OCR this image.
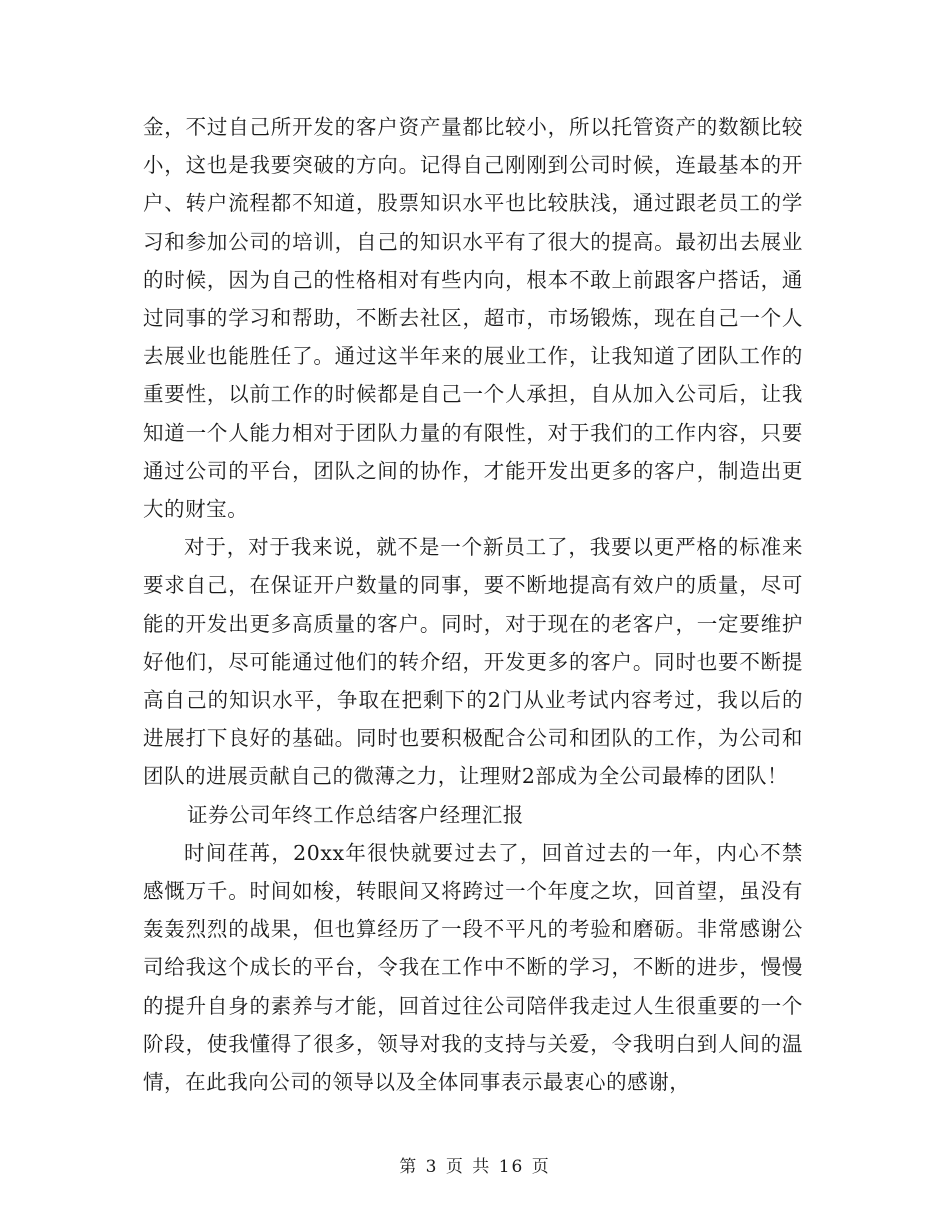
金，不过自己所开发的客户资产量都比较小，所以托管资产的数额比较小，这也是我要突破的方向。记得自己刚刚到公司时候，连最基本的开户、转户流程都不知道，股票知识水平也比较肤浅，通过跟老员工的学习和参加公司的培训，自己的知识水平有了很大的提高。最初出去展业的时候，因为自己的性格相对有些内向，根本不敢上前跟客户搭话，通过同事的学习和帮助，不断去社区，超市，市场锻炼，现在自己一个人去展业也能胜任了。通过这半年来的展业工作，让我知道了团队工作的重要性，以前工作的时候都是自己一个人承担，自从加入公司后，让我知道一个人能力相对于团队力量的有限性，对于我们的工作内容，只要通过公司的平台，团队之间的协作，才能开发出更多的客户，制造出更大的财宝。

对于，对于我来说，就不是一个新员工了，我要以更严格的标准来要求自己，在保证开户数量的同事，要不断地提高有效户的质量，尽可能的开发出更多高质量的客户。同时，对于现在的老客户，一定要维护好他们，尽可能通过他们的转介绍，开发更多的客户。同时也要不断提高自己的知识水平，争取在把剩下的2门从业考试内容考过，我以后的进展打下良好的基础。同时也要积极配合公司和团队的工作，为公司和团队的进展贡献自己的微薄之力，让理财2部成为全公司最棒的团队！

证券公司年终工作总结客户经理汇报

时间荏苒，20xx年很快就要过去了，回首过去的一年，内心不禁感慨万千。时间如梭，转眼间又将跨过一个年度之坎，回首望，虽没有轰轰烈烈的战果，但也算经历了一段不平凡的考验和磨砺。非常感谢公司给我这个成长的平台，令我在工作中不断的学习，不断的进步，慢慢的提升自身的素养与才能，回首过往公司陪伴我走过人生很重要的一个阶段，使我懂得了很多，领导对我的支持与关爱，令我明白到人间的温情，在此我向公司的领导以及全体同事表示最衷心的感谢，

第 3 页 共 16 页
